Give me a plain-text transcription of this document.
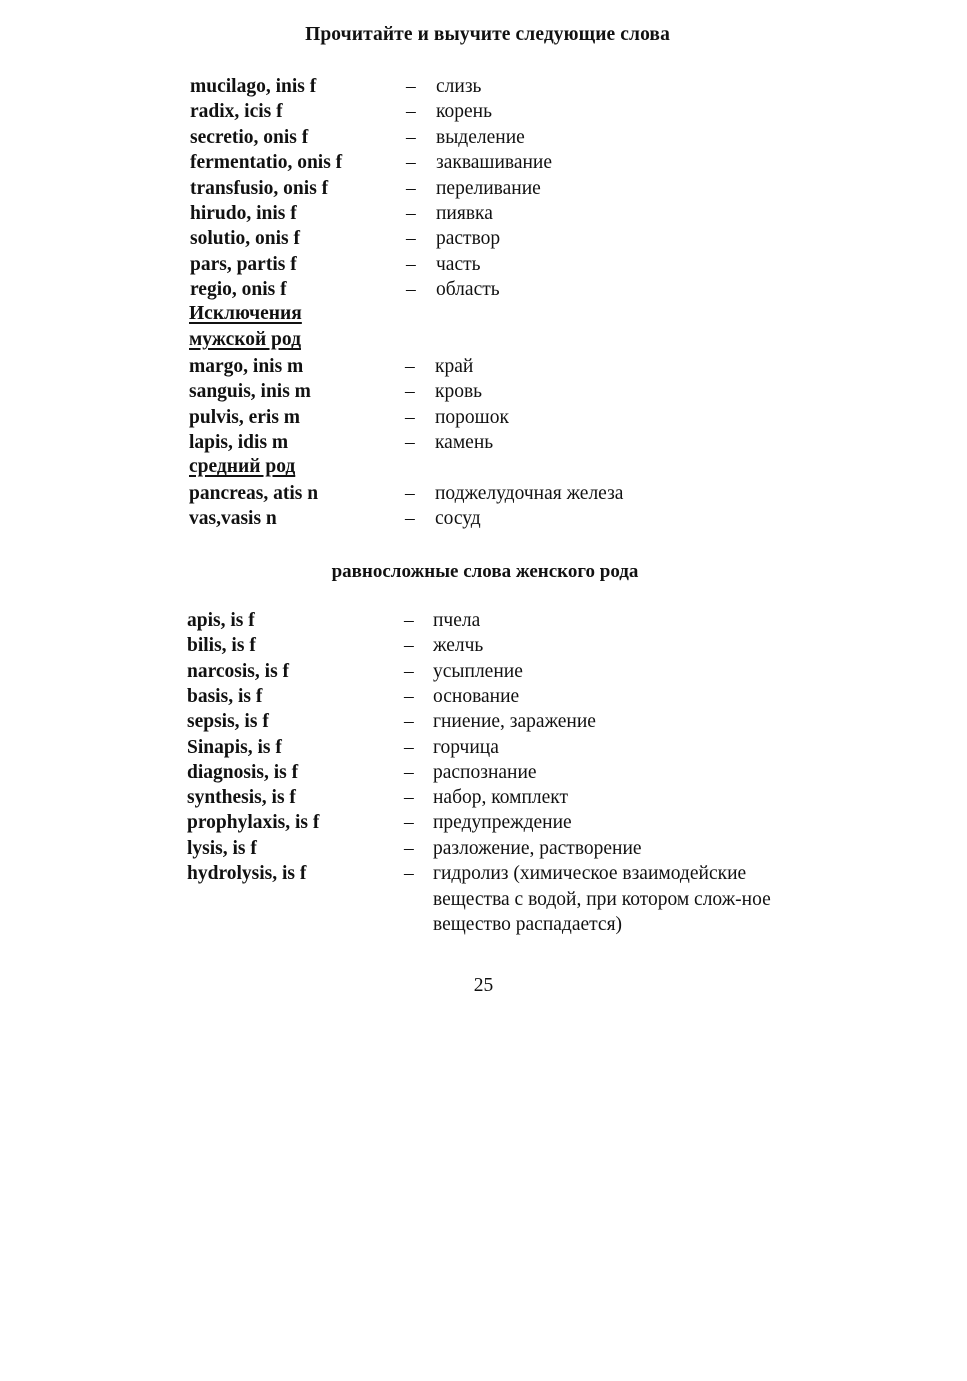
Прочитайте и выучите следующие слова
mucilago, inis f	– слизь
radix, icis f	– корень
secretio, onis f	– выделение
fermentatio, onis f	– заквашивание
transfusio, onis f	– переливание
hirudo, inis f	– пиявка
solutio, onis f	– раствор
pars, partis f	– часть
regio, onis f	– область
Исключения
мужской род
margo, inis m	– край
sanguis, inis m	– кровь
pulvis, eris m	– порошок
lapis, idis m	– камень
средний род
pancreas, atis n	– поджелудочная железа
vas,vasis n	– сосуд
apis, is f	– пчела
bilis, is f	– желчь
narcosis, is f	– усыпление
basis, is f	– основание
sepsis, is f	– гниение, заражение
Sinapis, is f	– горчица
diagnosis, is f	– распознание
synthesis, is f	– набор, комплект
prophylaxis, is f	– предупреждение
lysis, is f	– разложение, растворение
hydrolysis, is f	– гидролиз (химическое взаимодейские вещества с водой, при котором слож-ное вещество распадается)
равносложные слова женского рода
25
